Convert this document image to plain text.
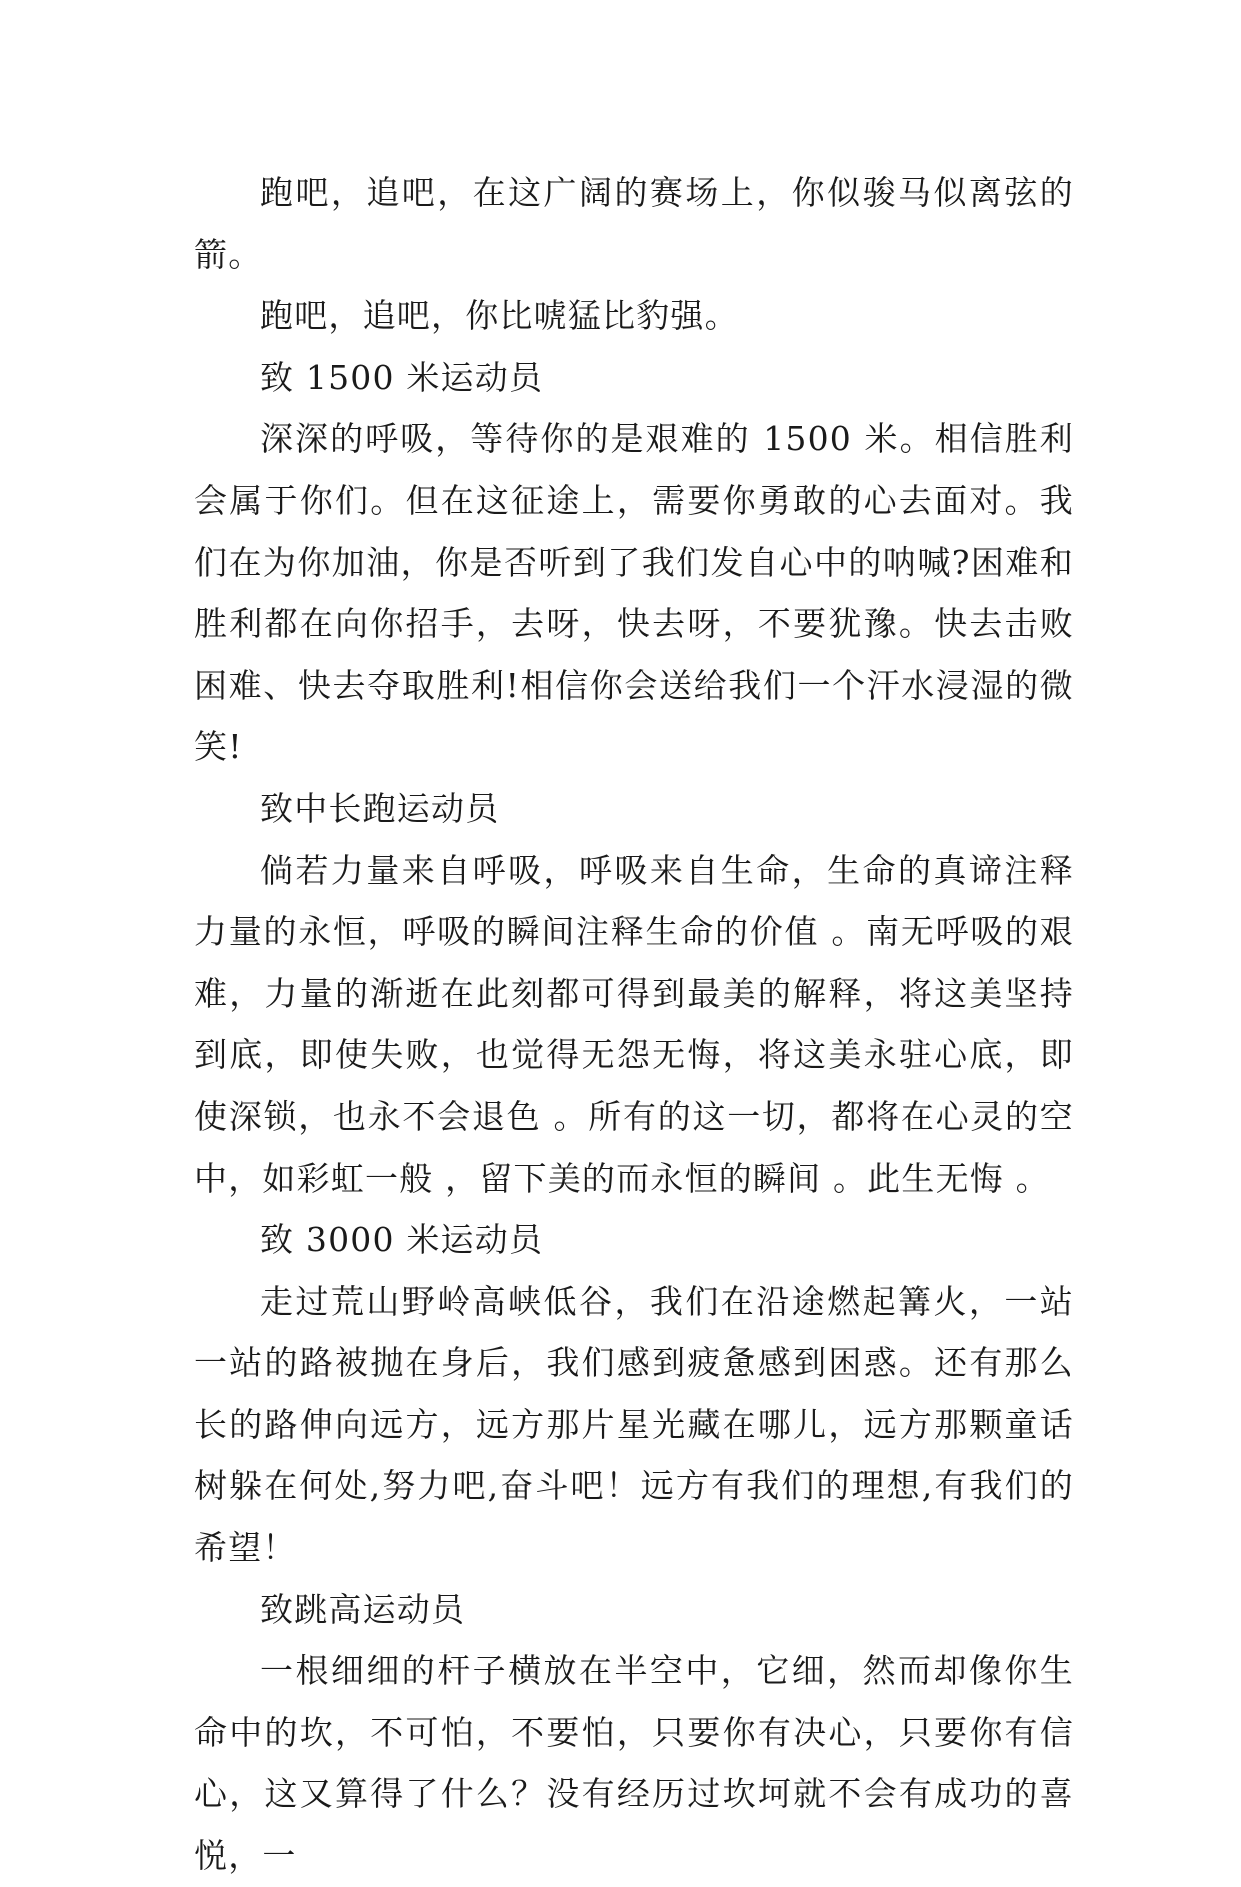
跑吧，追吧，在这广阔的赛场上，你似骏马似离弦的箭。

跑吧，追吧，你比唬猛比豹强。

致 1500 米运动员

深深的呼吸，等待你的是艰难的 1500 米。相信胜利会属于你们。但在这征途上，需要你勇敢的心去面对。我们在为你加油，你是否听到了我们发自心中的呐喊?困难和胜利都在向你招手，去呀，快去呀，不要犹豫。快去击败困难、快去夺取胜利!相信你会送给我们一个汗水浸湿的微笑!

致中长跑运动员

倘若力量来自呼吸，呼吸来自生命，生命的真谛注释力量的永恒，呼吸的瞬间注释生命的价值 。南无呼吸的艰难，力量的渐逝在此刻都可得到最美的解释，将这美坚持到底，即使失败，也觉得无怨无悔，将这美永驻心底，即使深锁，也永不会退色 。所有的这一切，都将在心灵的空中，如彩虹一般 ，留下美的而永恒的瞬间 。此生无悔 。

致 3000 米运动员

走过荒山野岭高峡低谷，我们在沿途燃起篝火，一站一站的路被抛在身后，我们感到疲惫感到困惑。还有那么长的路伸向远方，远方那片星光藏在哪儿，远方那颗童话树躲在何处,努力吧,奋斗吧！远方有我们的理想,有我们的希望！

致跳高运动员

一根细细的杆子横放在半空中，它细，然而却像你生命中的坎，不可怕，不要怕，只要你有决心，只要你有信心，这又算得了什么？没有经历过坎坷就不会有成功的喜悦，一
